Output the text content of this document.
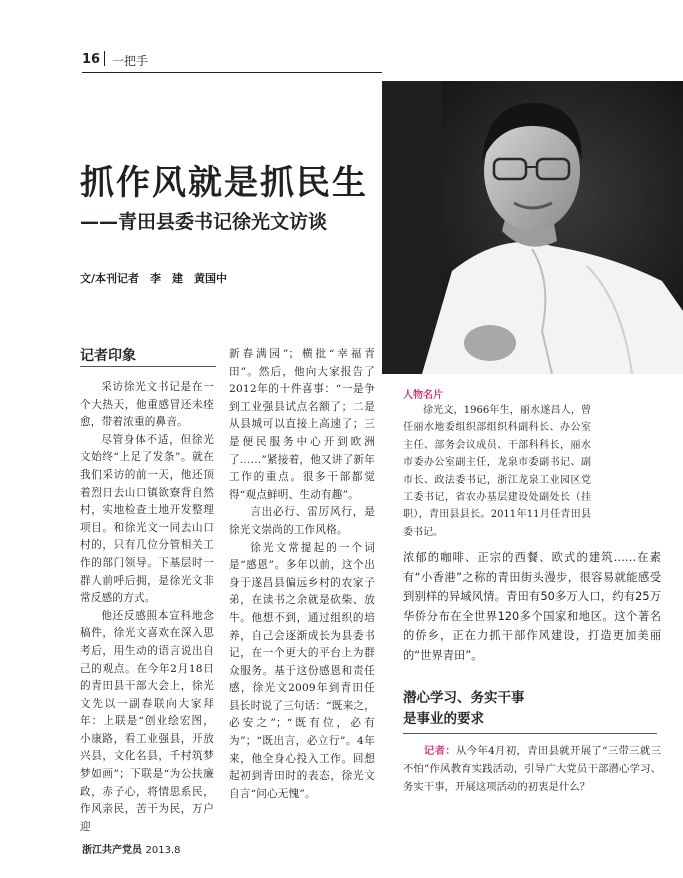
16 一把手
抓作风就是抓民生
——青田县委书记徐光文访谈
文/本刊记者　李　建　黄国中
记者印象

采访徐光文书记是在一个大热天，他重感冒还未痊愈，带着浓重的鼻音。

尽管身体不适，但徐光文始终“上足了发条”。就在我们采访的前一天，他还顶着烈日去山口镇欲寮背自然村，实地检查土地开发整理项目。和徐光文一同去山口村的，只有几位分管相关工作的部门领导。下基层时一群人前呼后拥，是徐光文非常反感的方式。

他还反感照本宣科地念稿件，徐光文喜欢在深入思考后，用生动的语言说出自己的观点。在今年2月18日的青田县干部大会上，徐光文先以一副春联向大家拜年：上联是“创业绘宏图，小康路，看工业强县，开放兴县，文化名县，千村筑梦梦如画”；下联是“为公扶廉政，赤子心，将情思系民，作风亲民，苦干为民，万户迎

新春满园”；横批“幸福青田”。然后，他向大家报告了2012年的十件喜事：“一是争到工业强县试点名额了；二是从县城可以直接上高速了；三是便民服务中心开到欧洲了……”紧接着，他又讲了新年工作的重点。很多干部都觉得“观点鲜明、生动有趣”。

言出必行、雷厉风行，是徐光文崇尚的工作风格。

徐光文常提起的一个词是“感恩”。多年以前，这个出身于遂昌县偏远乡村的农家子弟，在读书之余就是砍柴、放牛。他想不到，通过组织的培养，自己会逐渐成长为县委书记，在一个更大的平台上为群众服务。基于这份感恩和责任感，徐光文2009年到青田任县长时说了三句话：“既来之，必安之”；“既有位，必有为”；“既出言，必立行”。4年来，他全身心投入工作。回想起初到青田时的表态，徐光文自言“问心无愧”。

人物名片

徐光文，1966年生，丽水遂昌人，曾任丽水地委组织部组织科副科长、办公室主任、部务会议成员、干部科科长，丽水市委办公室副主任，龙泉市委副书记、副市长、政法委书记，浙江龙泉工业园区党工委书记，省农办基层建设处副处长（挂职），青田县县长。2011年11月任青田县委书记。

浓郁的咖啡、正宗的西餐、欧式的建筑……在素有“小香港”之称的青田街头漫步，很容易就能感受到别样的异域风情。青田有50多万人口，约有25万华侨分布在全世界120多个国家和地区。这个著名的侨乡，正在力抓干部作风建设，打造更加美丽的“世界青田”。

潜心学习、务实干事
是事业的要求

记者：从今年4月初，青田县就开展了“三带三就三不怕”作风教育实践活动，引导广大党员干部潜心学习、务实干事，开展这项活动的初衷是什么？

浙江共产党员 2013.8
